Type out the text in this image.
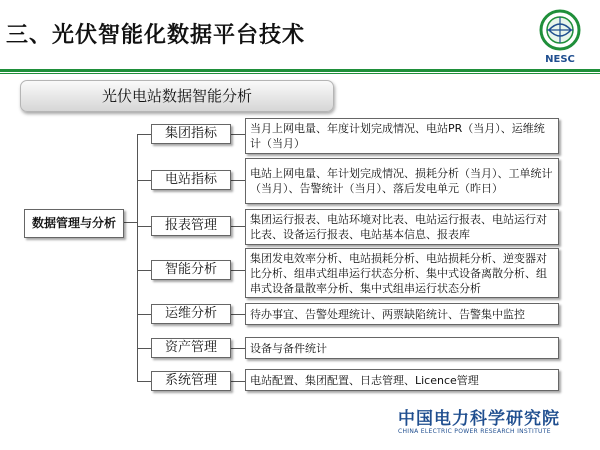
三、光伏智能化数据平台技术
NESC
光伏电站数据智能分析
数据管理与分析
集团指标
电站指标
报表管理
智能分析
运维分析
资产管理
系统管理
当月上网电量、年度计划完成情况、电站PR（当月）、运维统计（当月）
电站上网电量、年计划完成情况、损耗分析（当月）、工单统计（当月）、告警统计（当月）、落后发电单元（昨日）
集团运行报表、电站环境对比表、电站运行报表、电站运行对比表、设备运行报表、电站基本信息、报表库
集团发电效率分析、电站损耗分析、电站损耗分析、逆变器对比分析、组串式组串运行状态分析、集中式设备离散分析、组串式设备量散率分析、集中式组串运行状态分析
待办事宜、告警处理统计、两票缺陷统计、告警集中监控
设备与备件统计
电站配置、集团配置、日志管理、Licence管理
中国电力科学研究院
CHINA ELECTRIC POWER RESEARCH INSTITUTE
